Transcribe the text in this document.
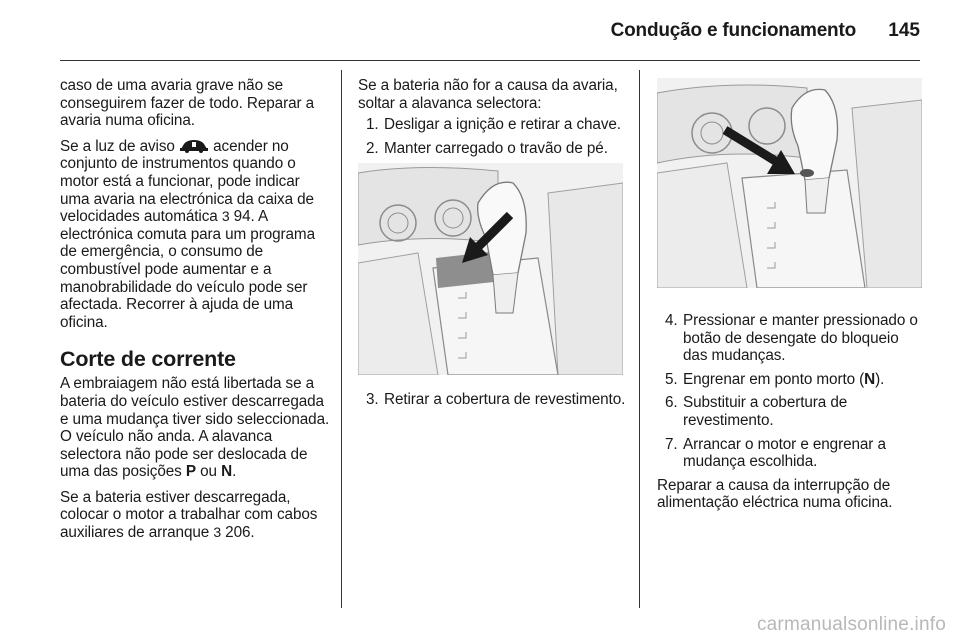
Condução e funcionamento 145

caso de uma avaria grave não se conseguirem fazer de todo. Reparar a avaria numa oficina.

Se a luz de aviso	acender no conjunto de instrumentos quando o motor está a funcionar, pode indicar uma avaria na electrónica da caixa de velocidades automática 3 94. A electrónica comuta para um programa de emergência, o consumo de combustível pode aumentar e a manobrabilidade do veículo pode ser afectada. Recorrer à ajuda de uma oficina.

Corte de corrente

A embraiagem não está libertada se a bateria do veículo estiver descarregada e uma mudança tiver sido seleccionada. O veículo não anda. A alavanca selectora não pode ser deslocada de uma das posições P ou N.

Se a bateria estiver descarregada, colocar o motor a trabalhar com cabos auxiliares de arranque 3 206.

Se a bateria não for a causa da avaria, soltar a alavanca selectora:

1. Desligar a ignição e retirar a chave.
2. Manter carregado o travão de pé.
3. Retirar a cobertura de revestimento.
4. Pressionar e manter pressionado o botão de desengate do bloqueio das mudanças.
5. Engrenar em ponto morto (N).
6. Substituir a cobertura de revestimento.
7. Arrancar o motor e engrenar a mudança escolhida.

Reparar a causa da interrupção de alimentação eléctrica numa oficina.

carmanualsonline.info
